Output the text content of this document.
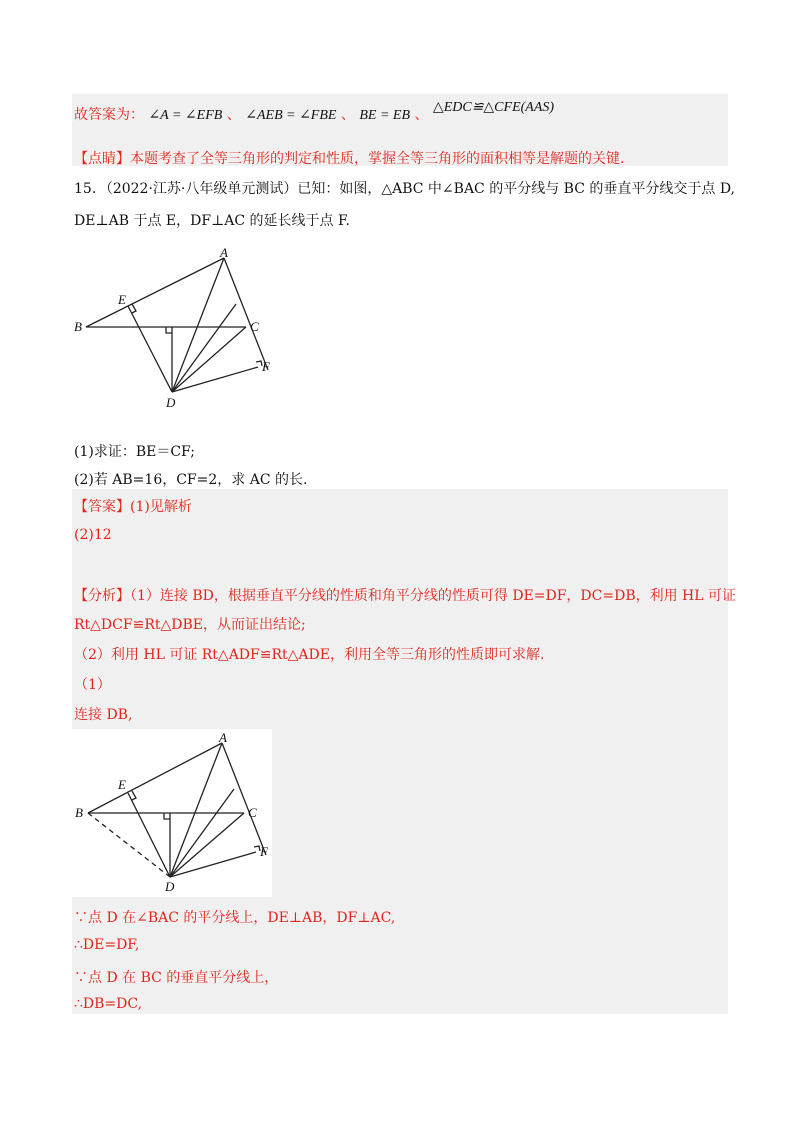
故答案为： ∠A = ∠EFB 、 ∠AEB = ∠FBE 、 BE = EB 、 △EDC≌△CFE(AAS)
【点睛】本题考查了全等三角形的判定和性质，掌握全等三角形的面积相等是解题的关键.
15．（2022·江苏·八年级单元测试）已知：如图，△ABC 中∠BAC 的平分线与 BC 的垂直平分线交于点 D,
DE⊥AB 于点 E，DF⊥AC 的延长线于点 F.
A
B	C
D
E
F
(1)求证：BE＝CF;
(2)若 AB=16，CF=2，求 AC 的长.
【答案】(1)见解析
(2)12
【分析】（1）连接 BD，根据垂直平分线的性质和角平分线的性质可得 DE=DF，DC=DB，利用 HL 可证
Rt△DCF≌Rt△DBE，从而证出结论;
（2）利用 HL 可证 Rt△ADF≌Rt△ADE，利用全等三角形的性质即可求解.
（1）
连接 DB,
A
B	C
D
E
F
∵点 D 在∠BAC 的平分线上，DE⊥AB，DF⊥AC,
∴DE=DF,
∵点 D 在 BC 的垂直平分线上，
∴DB=DC,
